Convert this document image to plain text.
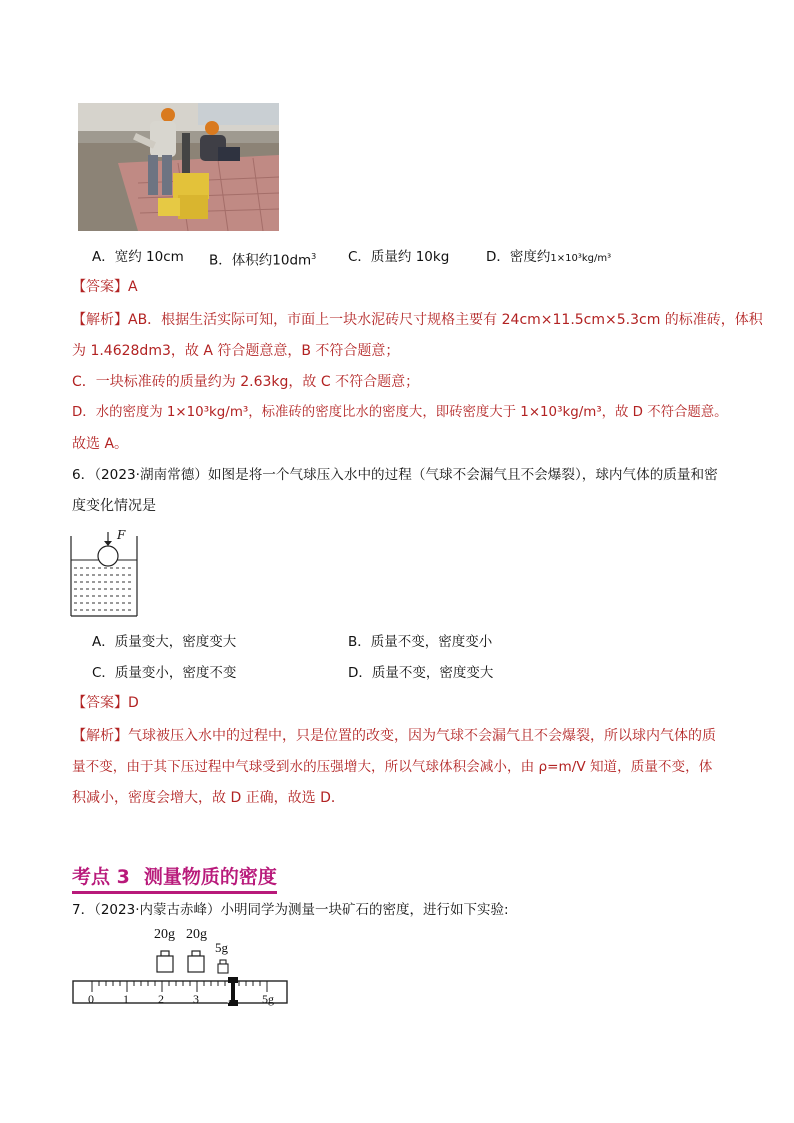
A．宽约 10cm B．体积约$10dm^3$ C．质量约 10kg	D．密度约1×10³kg/m³
【答案】A
【解析】AB．根据生活实际可知，市面上一块水泥砖尺寸规格主要有 24cm×11.5cm×5.3cm 的标准砖，体积
为 1.4628dm3，故 A 符合题意意，B 不符合题意；
C．一块标准砖的质量约为 2.63kg，故 C 不符合题意；
D．水的密度为 1×10³kg/m³，标准砖的密度比水的密度大，即砖密度大于 1×10³kg/m³，故 D 不符合题意。
故选 A。
6．（2023·湖南常德）如图是将一个气球压入水中的过程（气球不会漏气且不会爆裂），球内气体的质量和密
度变化情况是
F
A．质量变大，密度变大	B．质量不变，密度变小
C．质量变小，密度不变	D．质量不变，密度变大
【答案】D
【解析】气球被压入水中的过程中，只是位置的改变，因为气球不会漏气且不会爆裂，所以球内气体的质
量不变，由于其下压过程中气球受到水的压强增大，所以气球体积会减小，由 ρ=m/V 知道，质量不变，体
积减小，密度会增大，故 D 正确，故选 D．
考点 3 测量物质的密度
7．（2023·内蒙古赤峰）小明同学为测量一块矿石的密度，进行如下实验:
20g 20g
5g
0 1 2 3 4	5g
